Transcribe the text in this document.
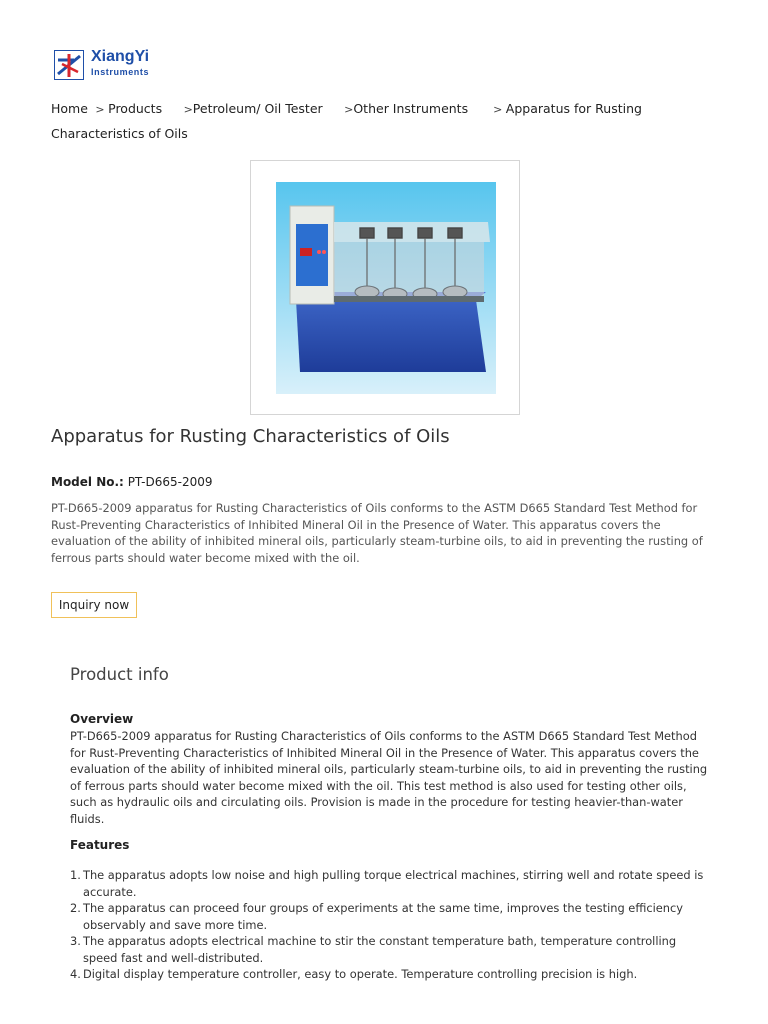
XiangYi
Instruments
Home > Products >Petroleum/ Oil Tester >Other Instruments > Apparatus for Rusting Characteristics of Oils
Apparatus for Rusting Characteristics of Oils
Model No.: PT-D665-2009

PT-D665-2009 apparatus for Rusting Characteristics of Oils conforms to the ASTM D665 Standard Test Method for Rust-Preventing Characteristics of Inhibited Mineral Oil in the Presence of Water. This apparatus covers the evaluation of the ability of inhibited mineral oils, particularly steam-turbine oils, to aid in preventing the rusting of ferrous parts should water become mixed with the oil.

Inquiry now
Product info
Overview

PT-D665-2009 apparatus for Rusting Characteristics of Oils conforms to the ASTM D665 Standard Test Method for Rust-Preventing Characteristics of Inhibited Mineral Oil in the Presence of Water. This apparatus covers the evaluation of the ability of inhibited mineral oils, particularly steam-turbine oils, to aid in preventing the rusting of ferrous parts should water become mixed with the oil. This test method is also used for testing other oils, such as hydraulic oils and circulating oils. Provision is made in the procedure for testing heavier-than-water fluids.

Features
1. The apparatus adopts low noise and high pulling torque electrical machines, stirring well and rotate speed is accurate.
2. The apparatus can proceed four groups of experiments at the same time, improves the testing efficiency observably and save more time.
3. The apparatus adopts electrical machine to stir the constant temperature bath, temperature controlling speed fast and well-distributed.
4. Digital display temperature controller, easy to operate. Temperature controlling precision is high.
